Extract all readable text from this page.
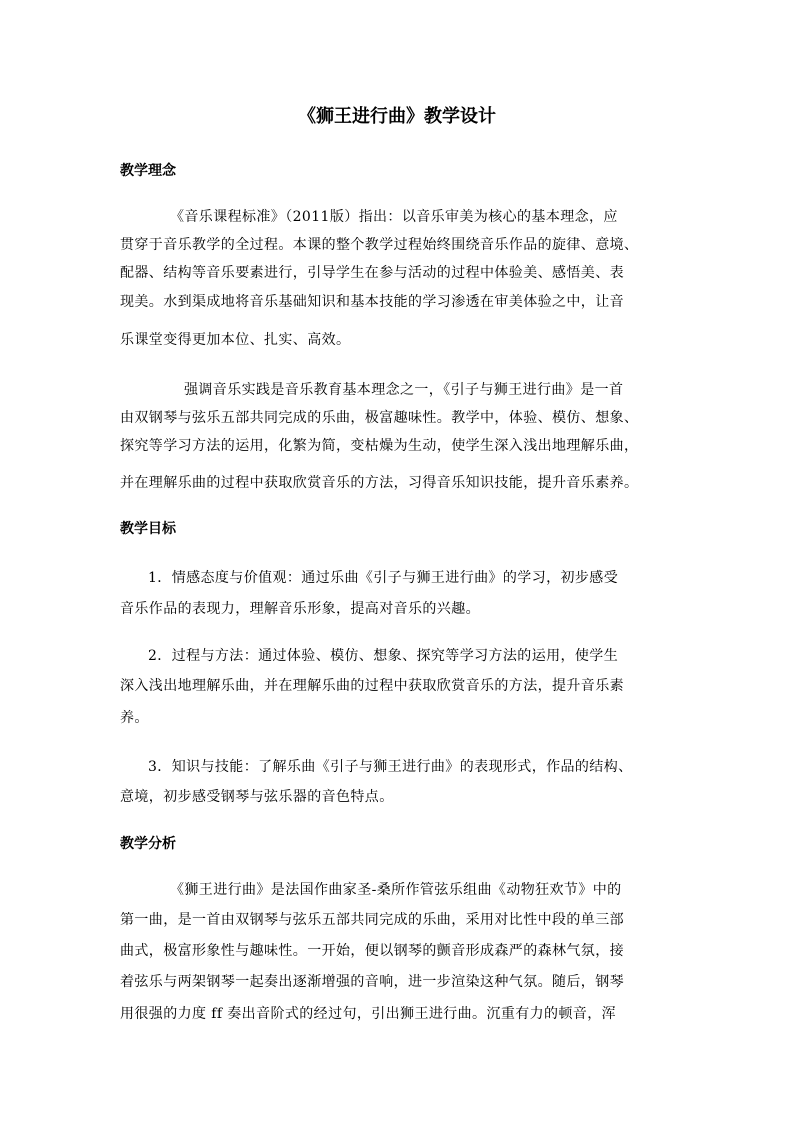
《狮王进行曲》教学设计
教学理念
《音乐课程标准》（2011版）指出：以音乐审美为核心的基本理念，应
贯穿于音乐教学的全过程。本课的整个教学过程始终围绕音乐作品的旋律、意境、
配器、结构等音乐要素进行，引导学生在参与活动的过程中体验美、感悟美、表
现美。水到渠成地将音乐基础知识和基本技能的学习渗透在审美体验之中，让音
乐课堂变得更加本位、扎实、高效。
强调音乐实践是音乐教育基本理念之一，《引子与狮王进行曲》是一首
由双钢琴与弦乐五部共同完成的乐曲，极富趣味性。教学中，体验、模仿、想象、
探究等学习方法的运用，化繁为简，变枯燥为生动，使学生深入浅出地理解乐曲，
并在理解乐曲的过程中获取欣赏音乐的方法，习得音乐知识技能，提升音乐素养。
教学目标
1．情感态度与价值观：通过乐曲《引子与狮王进行曲》的学习，初步感受
音乐作品的表现力，理解音乐形象，提高对音乐的兴趣。
2．过程与方法：通过体验、模仿、想象、探究等学习方法的运用，使学生
深入浅出地理解乐曲，并在理解乐曲的过程中获取欣赏音乐的方法，提升音乐素
养。
3．知识与技能：了解乐曲《引子与狮王进行曲》的表现形式，作品的结构、
意境，初步感受钢琴与弦乐器的音色特点。
教学分析
《狮王进行曲》是法国作曲家圣-桑所作管弦乐组曲《动物狂欢节》中的
第一曲，是一首由双钢琴与弦乐五部共同完成的乐曲，采用对比性中段的单三部
曲式，极富形象性与趣味性。一开始，便以钢琴的颤音形成森严的森林气氛，接
着弦乐与两架钢琴一起奏出逐渐增强的音响，进一步渲染这种气氛。随后，钢琴
用很强的力度 ff 奏出音阶式的经过句，引出狮王进行曲。沉重有力的顿音，浑
